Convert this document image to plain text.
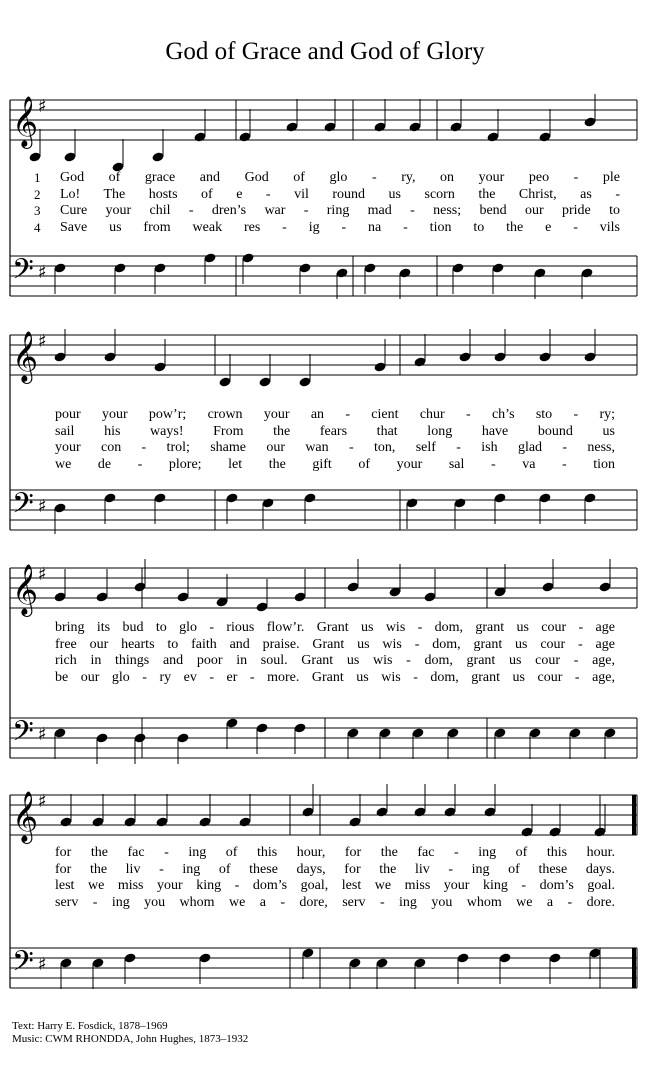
God of Grace and God of Glory
♯
𝄞
♯
𝄢
♯
𝄞
♯
𝄢
♯
𝄞
♯
𝄢
♯
𝄞
♯
𝄢
God of grace and God of glo - ry, on your peo - ple
1
Lo! The hosts of e - vil round us scorn the Christ, as -
2
Cure your chil - dren’s war - ring mad - ness; bend our pride to
3
Save us from weak res - ig - na - tion to the e - vils
4
pour your pow’r; crown your an - cient chur - ch’s sto - ry;
sail his ways! From the fears that long have bound us
your con - trol; shame our wan - ton, self - ish glad - ness,
we de - plore; let the gift of your sal - va - tion
bring its bud to glo - rious flow’r. Grant us wis - dom, grant us cour - age
free our hearts to faith and praise. Grant us wis - dom, grant us cour - age
rich in things and poor in soul. Grant us wis - dom, grant us cour - age,
be our glo - ry ev - er - more. Grant us wis - dom, grant us cour - age,
for the fac - ing of this hour, for the fac - ing of this hour.
for the liv - ing of these days, for the liv - ing of these days.
lest we miss your king - dom’s goal, lest we miss your king - dom’s goal.
serv - ing you whom we a - dore, serv - ing you whom we a - dore.
Text: Harry E. Fosdick, 1878–1969
Music: CWM RHONDDA, John Hughes, 1873–1932
